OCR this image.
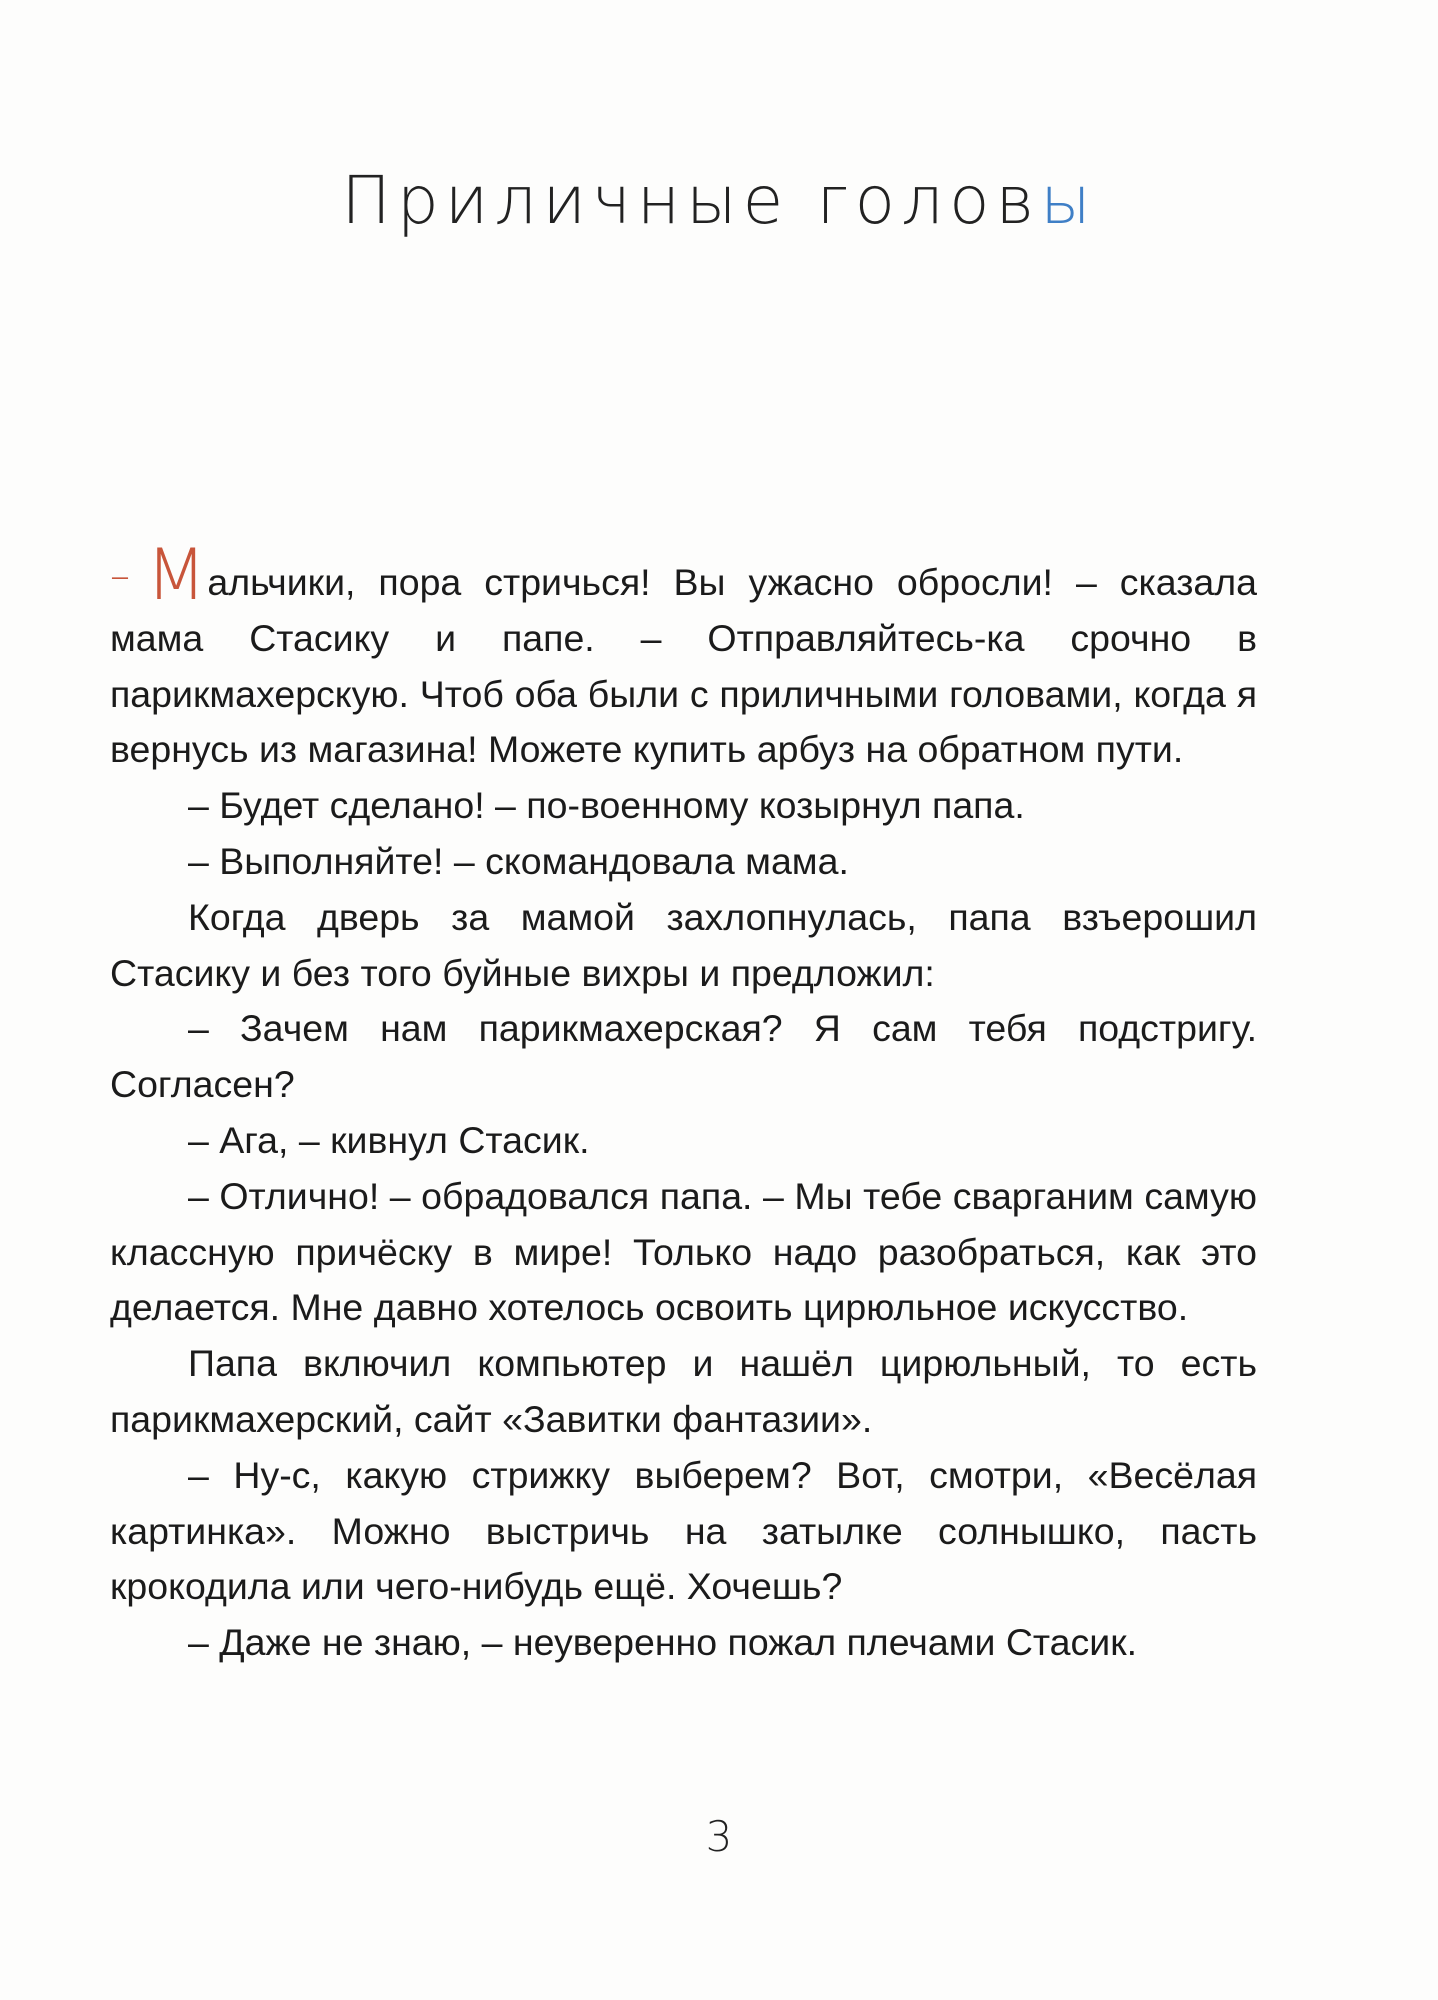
Приличные головы

– Мальчики, пора стричься! Вы ужасно обросли! – сказала мама Стасику и папе. – Отправляйтесь-ка срочно в парикмахерскую. Чтоб оба были с приличными головами, когда я вернусь из магазина! Можете купить арбуз на обратном пути.

– Будет сделано! – по-военному козырнул папа.

– Выполняйте! – скомандовала мама.

Когда дверь за мамой захлопнулась, папа взъерошил Стасику и без того буйные вихры и предложил:

– Зачем нам парикмахерская? Я сам тебя подстригу. Согласен?

– Ага, – кивнул Стасик.

– Отлично! – обрадовался папа. – Мы тебе сварганим самую классную причёску в мире! Только надо разобраться, как это делается. Мне давно хотелось освоить цирюльное искусство.

Папа включил компьютер и нашёл цирюльный, то есть парикмахерский, сайт «Завитки фантазии».

– Ну-с, какую стрижку выберем? Вот, смотри, «Весёлая картинка». Можно выстричь на затылке солнышко, пасть крокодила или чего-нибудь ещё. Хочешь?

– Даже не знаю, – неуверенно пожал плечами Стасик.

3
